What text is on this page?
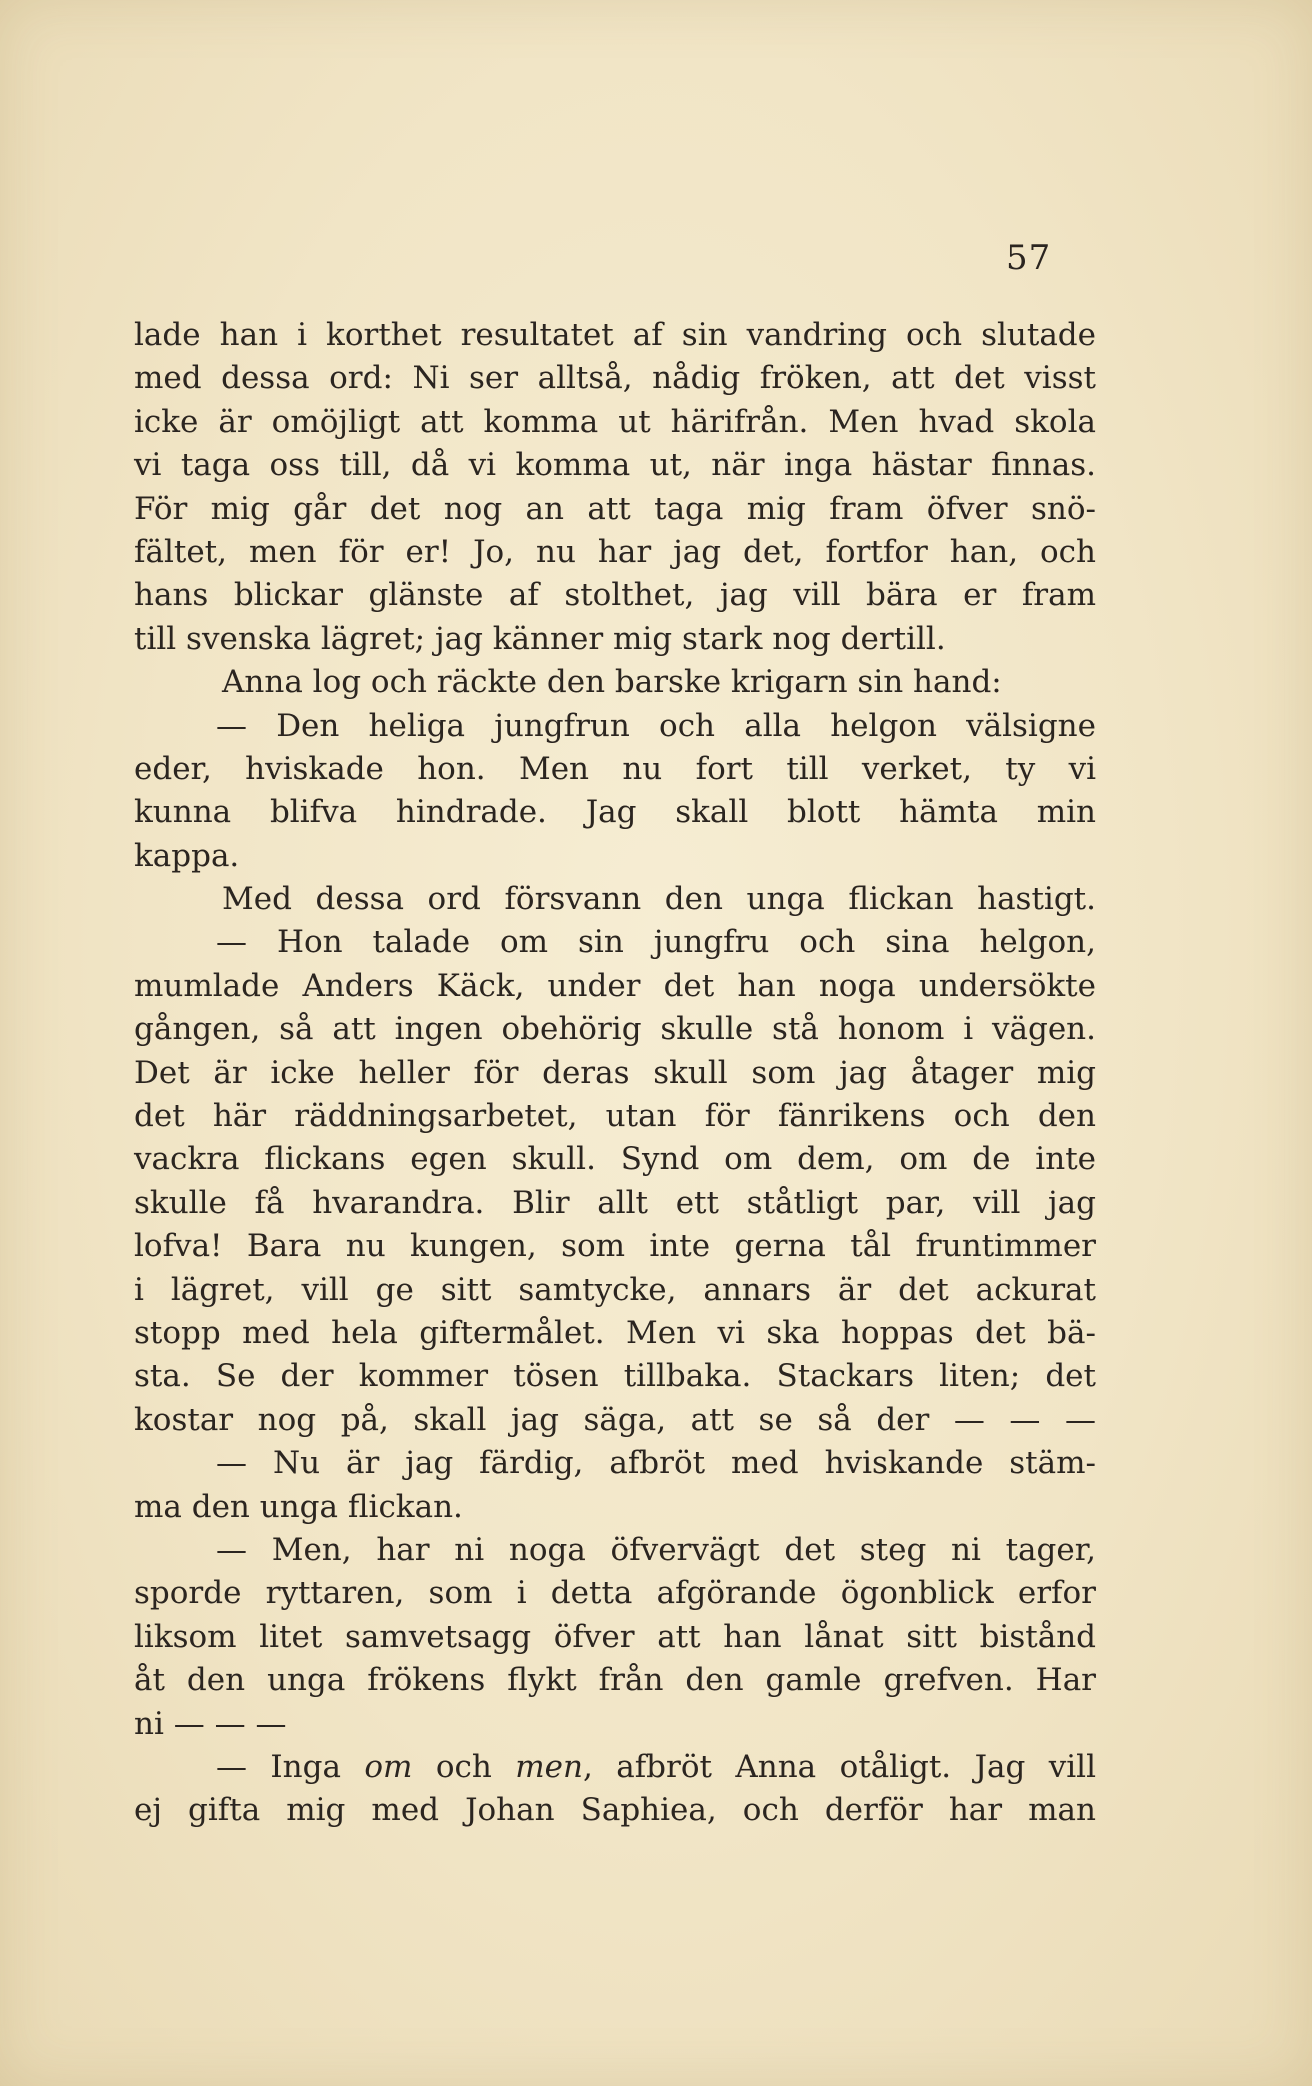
57
lade han i korthet resultatet af sin vandring och slutade
med dessa ord: Ni ser alltså, nådig fröken, att det visst
icke är omöjligt att komma ut härifrån. Men hvad skola
vi taga oss till, då vi komma ut, när inga hästar finnas.
För mig går det nog an att taga mig fram öfver snö-
fältet, men för er! Jo, nu har jag det, fortfor han, och
hans blickar glänste af stolthet, jag vill bära er fram
till svenska lägret; jag känner mig stark nog dertill.
Anna log och räckte den barske krigarn sin hand:
— Den heliga jungfrun och alla helgon välsigne
eder, hviskade hon. Men nu fort till verket, ty vi
kunna blifva hindrade. Jag skall blott hämta min
kappa.
Med dessa ord försvann den unga flickan hastigt.
— Hon talade om sin jungfru och sina helgon,
mumlade Anders Käck, under det han noga undersökte
gången, så att ingen obehörig skulle stå honom i vägen.
Det är icke heller för deras skull som jag åtager mig
det här räddningsarbetet, utan för fänrikens och den
vackra flickans egen skull. Synd om dem, om de inte
skulle få hvarandra. Blir allt ett ståtligt par, vill jag
lofva! Bara nu kungen, som inte gerna tål fruntimmer
i lägret, vill ge sitt samtycke, annars är det ackurat
stopp med hela giftermålet. Men vi ska hoppas det bä-
sta. Se der kommer tösen tillbaka. Stackars liten; det
kostar nog på, skall jag säga, att se så der — — —
— Nu är jag färdig, afbröt med hviskande stäm-
ma den unga flickan.
— Men, har ni noga öfvervägt det steg ni tager,
sporde ryttaren, som i detta afgörande ögonblick erfor
liksom litet samvetsagg öfver att han lånat sitt bistånd
åt den unga frökens flykt från den gamle grefven. Har
ni — — —
— Inga om och men, afbröt Anna otåligt. Jag vill
ej gifta mig med Johan Saphiea, och derför har man
